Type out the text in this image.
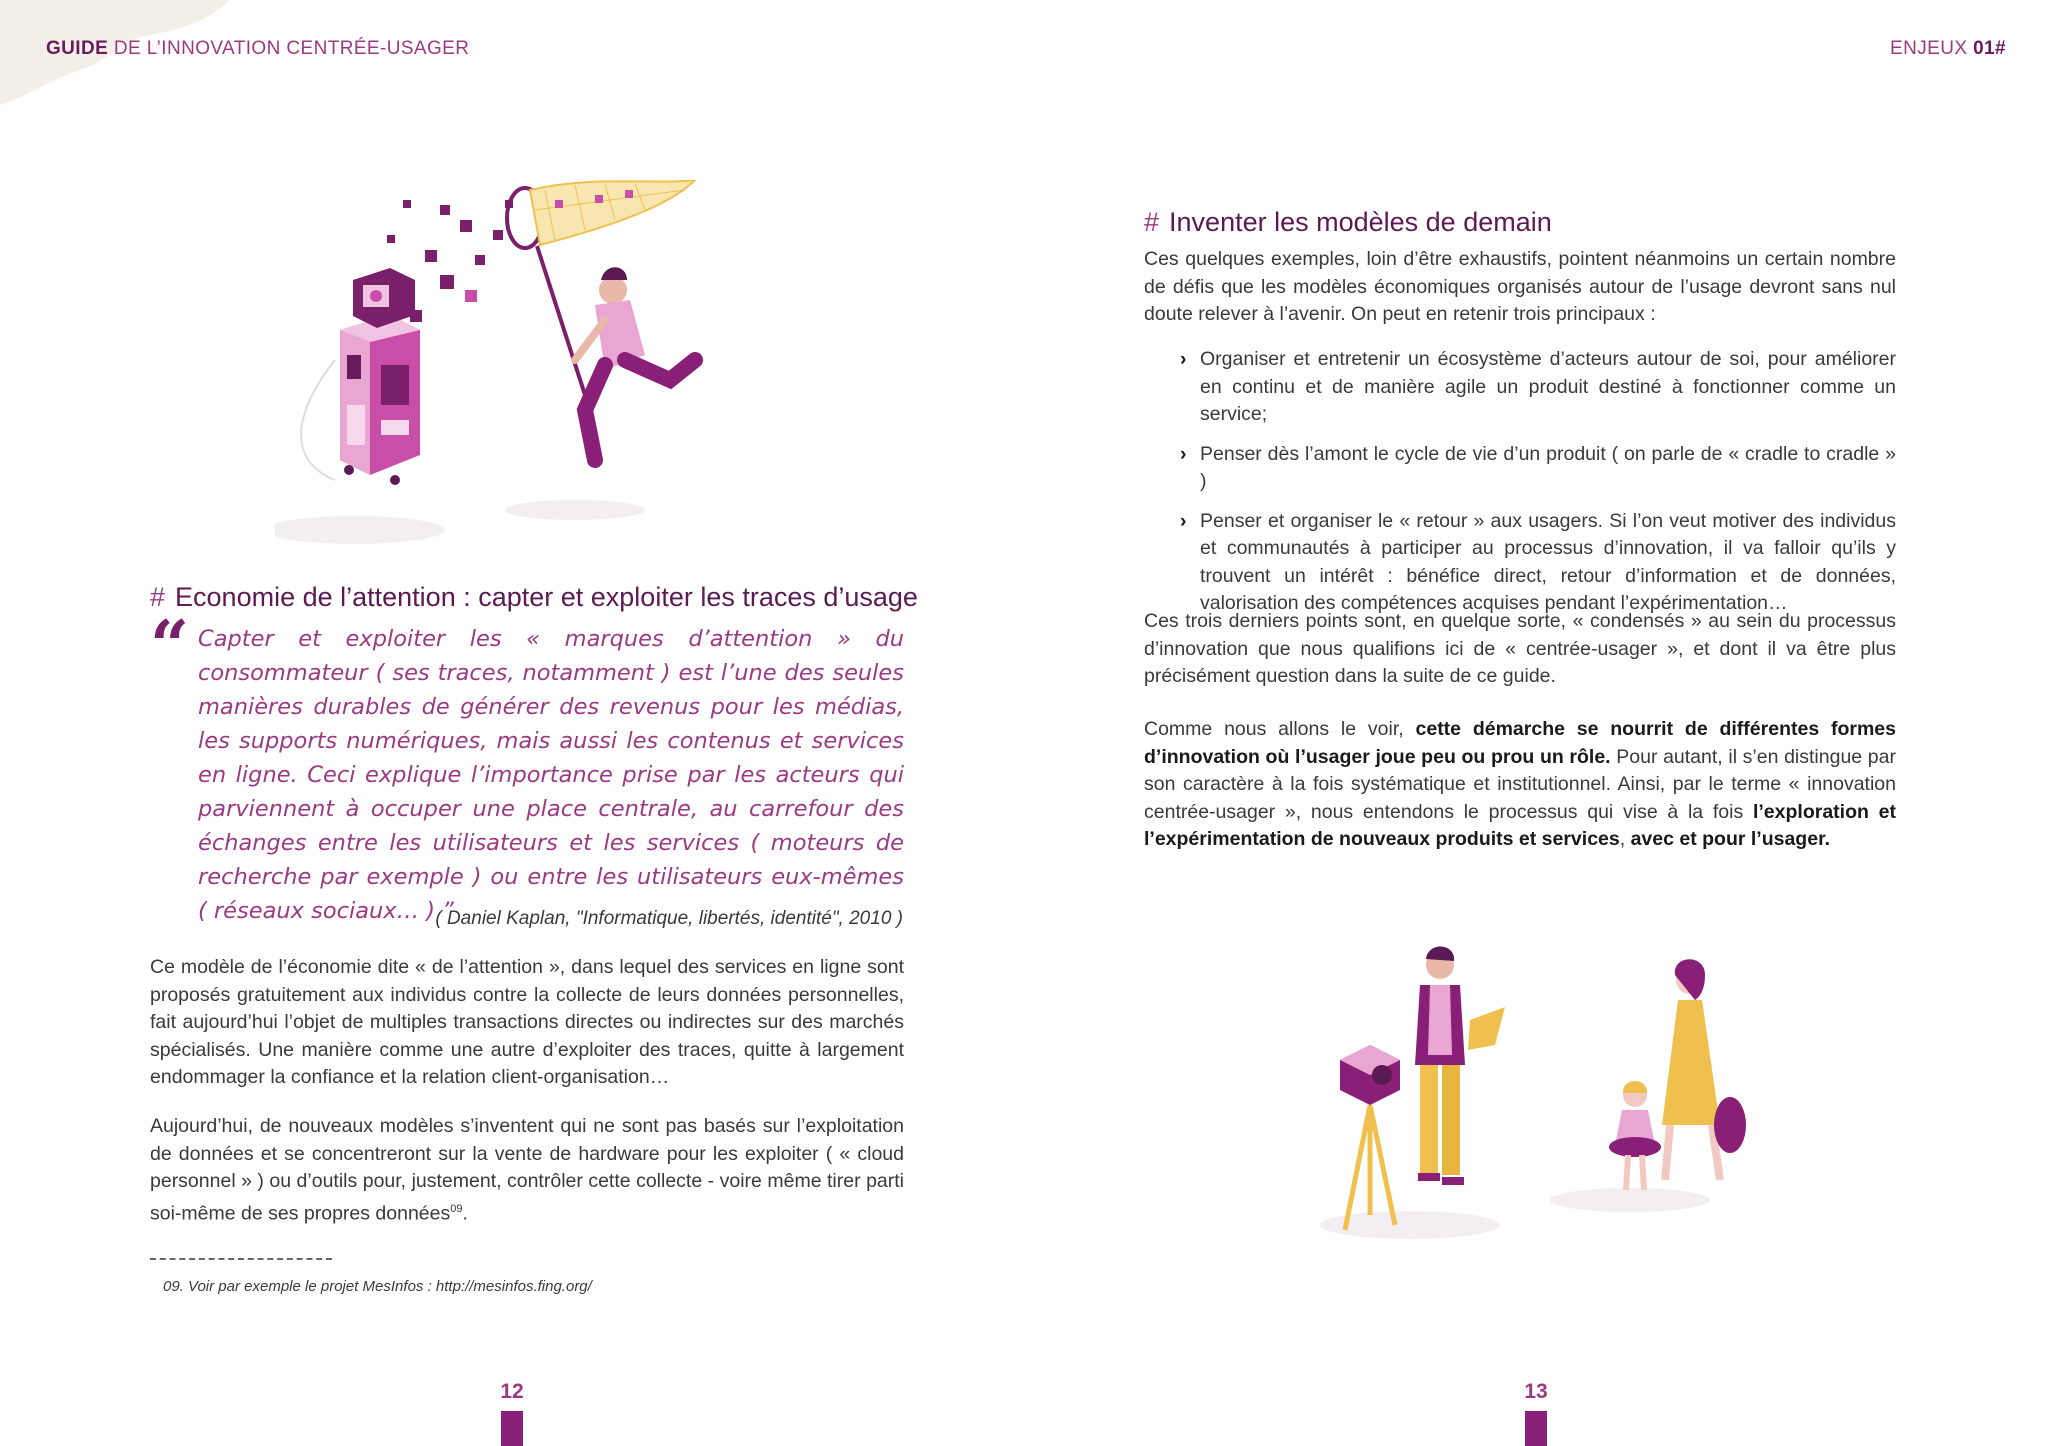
GUIDE DE L’INNOVATION CENTRÉE-USAGER	ENJEUX 01#
# Economie de l’attention : capter et exploiter les traces d’usage
“ Capter et exploiter les « marques d’attention » du consommateur ( ses traces, notamment ) est l’une des seules manières durables de générer des revenus pour les médias, les supports numériques, mais aussi les contenus et services en ligne. Ceci explique l’importance prise par les acteurs qui parviennent à occuper une place centrale, au carrefour des échanges entre les utilisateurs et les services ( moteurs de recherche par exemple ) ou entre les utilisateurs eux-mêmes ( réseaux sociaux… ) ”

( Daniel Kaplan, "Informatique, libertés, identité", 2010 )

Ce modèle de l’économie dite « de l’attention », dans lequel des services en ligne sont proposés gratuitement aux individus contre la collecte de leurs données personnelles, fait aujourd’hui l’objet de multiples transactions directes ou indirectes sur des marchés spécialisés. Une manière comme une autre d’exploiter des traces, quitte à largement endommager la confiance et la relation client-organisation…

Aujourd’hui, de nouveaux modèles s’inventent qui ne sont pas basés sur l’exploitation de données et se concentreront sur la vente de hardware pour les exploiter ( « cloud personnel » ) ou d’outils pour, justement, contrôler cette collecte - voire même tirer parti soi-même de ses propres données$^{09}$.

09. Voir par exemple le projet MesInfos : http://mesinfos.fing.org/

# Inventer les modèles de demain

Ces quelques exemples, loin d’être exhaustifs, pointent néanmoins un certain nombre de défis que les modèles économiques organisés autour de l’usage devront sans nul doute relever à l’avenir. On peut en retenir trois principaux :

› Organiser et entretenir un écosystème d’acteurs autour de soi, pour améliorer en continu et de manière agile un produit destiné à fonctionner comme un service;
› Penser dès l’amont le cycle de vie d’un produit ( on parle de « cradle to cradle » )
› Penser et organiser le « retour » aux usagers. Si l’on veut motiver des individus et communautés à participer au processus d’innovation, il va falloir qu’ils y trouvent un intérêt : bénéfice direct, retour d’information et de données, valorisation des compétences acquises pendant l’expérimentation…

Ces trois derniers points sont, en quelque sorte, « condensés » au sein du processus d’innovation que nous qualifions ici de « centrée-usager », et dont il va être plus précisément question dans la suite de ce guide.

Comme nous allons le voir, cette démarche se nourrit de différentes formes d’innovation où l’usager joue peu ou prou un rôle. Pour autant, il s’en distingue par son caractère à la fois systématique et institutionnel. Ainsi, par le terme « innovation centrée-usager », nous entendons le processus qui vise à la fois l’exploration et l’expérimentation de nouveaux produits et services, avec et pour l’usager.

12	13
